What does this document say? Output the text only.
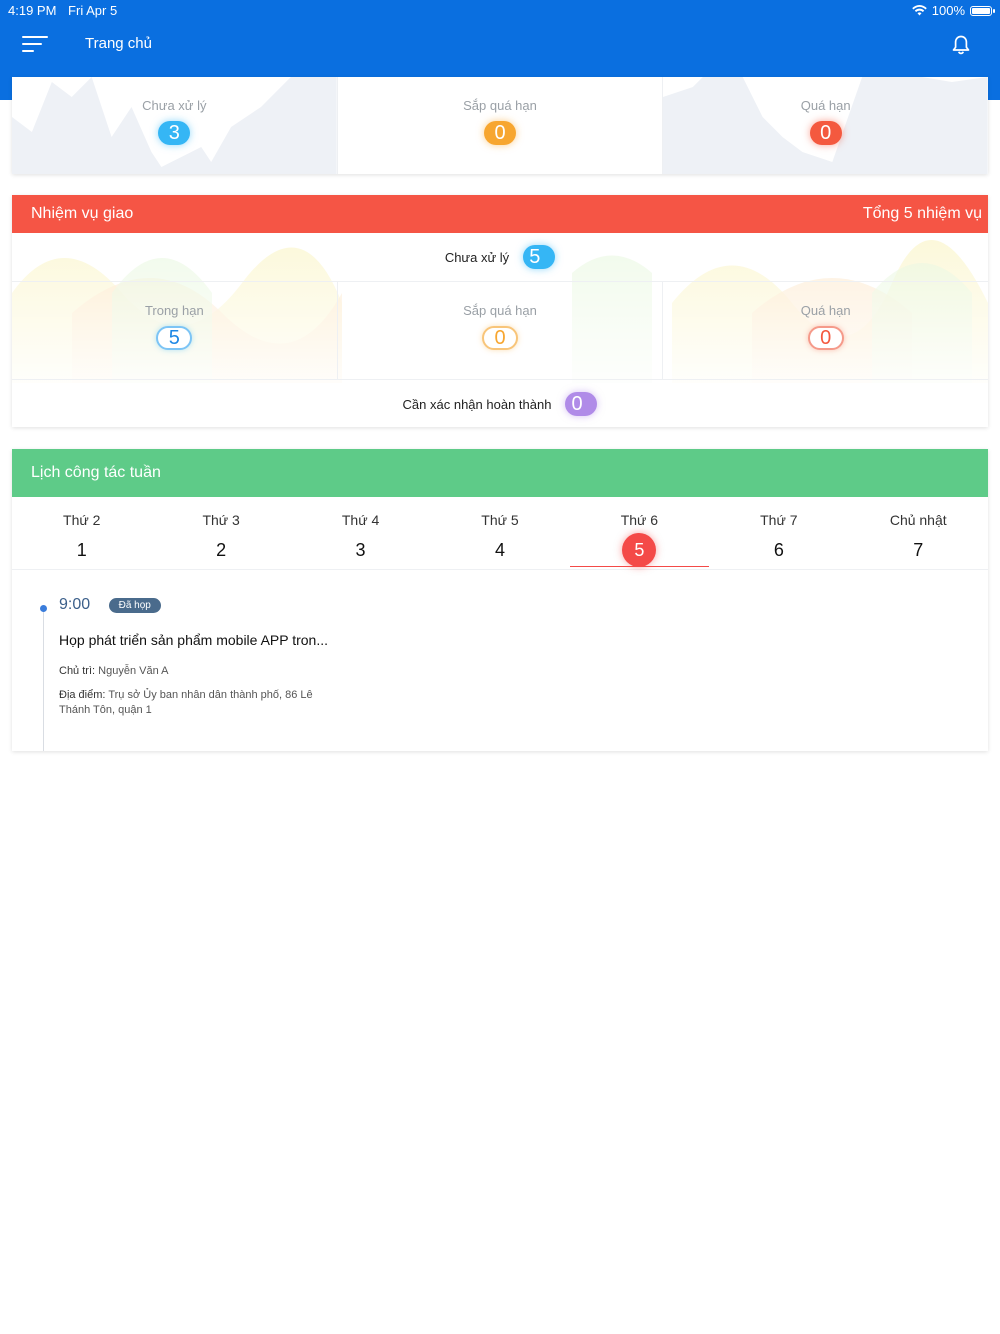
4:19 PM Fri Apr 5	100%
Trang chủ
Chưa xử lý
3
Sắp quá hạn
0
Quá hạn
0
Nhiệm vụ giao	Tổng 5 nhiệm vụ
Chưa xử lý	5
Trong hạn
5
Sắp quá hạn
0
Quá hạn
0
Cần xác nhận hoàn thành	0
Lịch công tác tuần
Thứ 2
1
Thứ 3
2
Thứ 4
3
Thứ 5
4
Thứ 6
5
Thứ 7
6
Chủ nhật
7
9:00	Đã họp
Họp phát triển sản phẩm mobile APP tron...
Chủ trì: Nguyễn Văn A
Địa điểm: Trụ sở Ủy ban nhân dân thành phố, 86 Lê Thánh Tôn, quận 1
